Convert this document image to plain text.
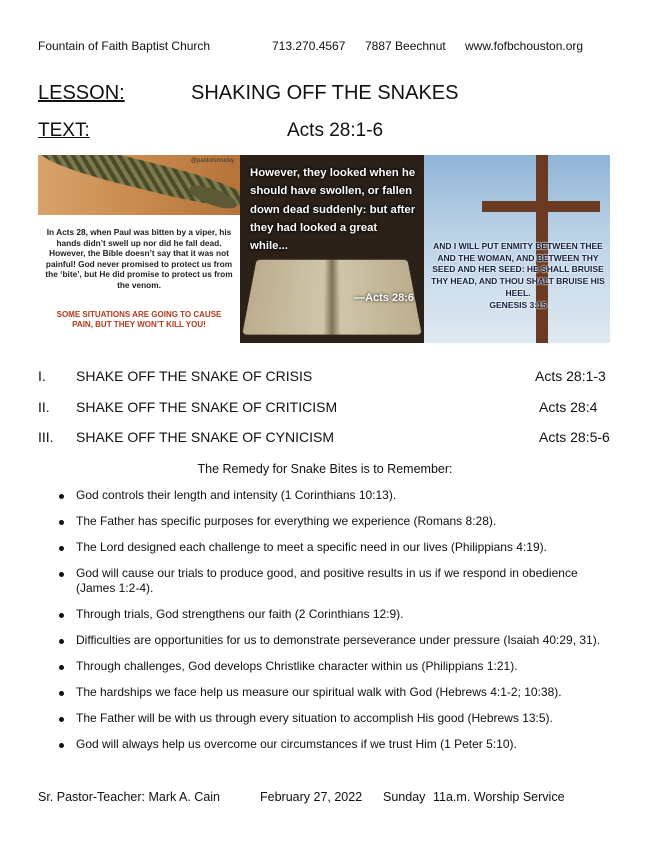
Fountain of Faith Baptist Church	713.270.4567 7887 Beechnut www.fofbchouston.org
LESSON:	SHAKING OFF THE SNAKES
TEXT:	Acts 28:1-6
@pastorsmucky
In Acts 28, when Paul was bitten by a viper, his hands didn’t swell up nor did he fall dead. However, the Bible doesn’t say that it was not painful! God never promised to protect us from the ‘bite’, but He did promise to protect us from the venom.
SOME SITUATIONS ARE GOING TO CAUSE PAIN, BUT THEY WON’T KILL YOU!
However, they looked when he should have swollen, or fallen down dead suddenly: but after they had looked a great while...
—Acts 28:6
AND I WILL PUT ENMITY BETWEEN THEE AND THE WOMAN, AND BETWEEN THY SEED AND HER SEED: HE SHALL BRUISE THY HEAD, AND THOU SHALT BRUISE HIS HEEL.
GENESIS 3:15
I. SHAKE OFF THE SNAKE OF CRISIS	Acts 28:1-3
II. SHAKE OFF THE SNAKE OF CRITICISM	Acts 28:4
III. SHAKE OFF THE SNAKE OF CYNICISM	Acts 28:5-6
The Remedy for Snake Bites is to Remember:
God controls their length and intensity (1 Corinthians 10:13).
The Father has specific purposes for everything we experience (Romans 8:28).
The Lord designed each challenge to meet a specific need in our lives (Philippians 4:19).
God will cause our trials to produce good, and positive results in us if we respond in obedience (James 1:2-4).
Through trials, God strengthens our faith (2 Corinthians 12:9).
Difficulties are opportunities for us to demonstrate perseverance under pressure (Isaiah 40:29, 31).
Through challenges, God develops Christlike character within us (Philippians 1:21).
The hardships we face help us measure our spiritual walk with God (Hebrews 4:1-2; 10:38).
The Father will be with us through every situation to accomplish His good (Hebrews 13:5).
God will always help us overcome our circumstances if we trust Him (1 Peter 5:10).
Sr. Pastor-Teacher: Mark A. Cain	February 27, 2022 Sunday 11a.m. Worship Service
